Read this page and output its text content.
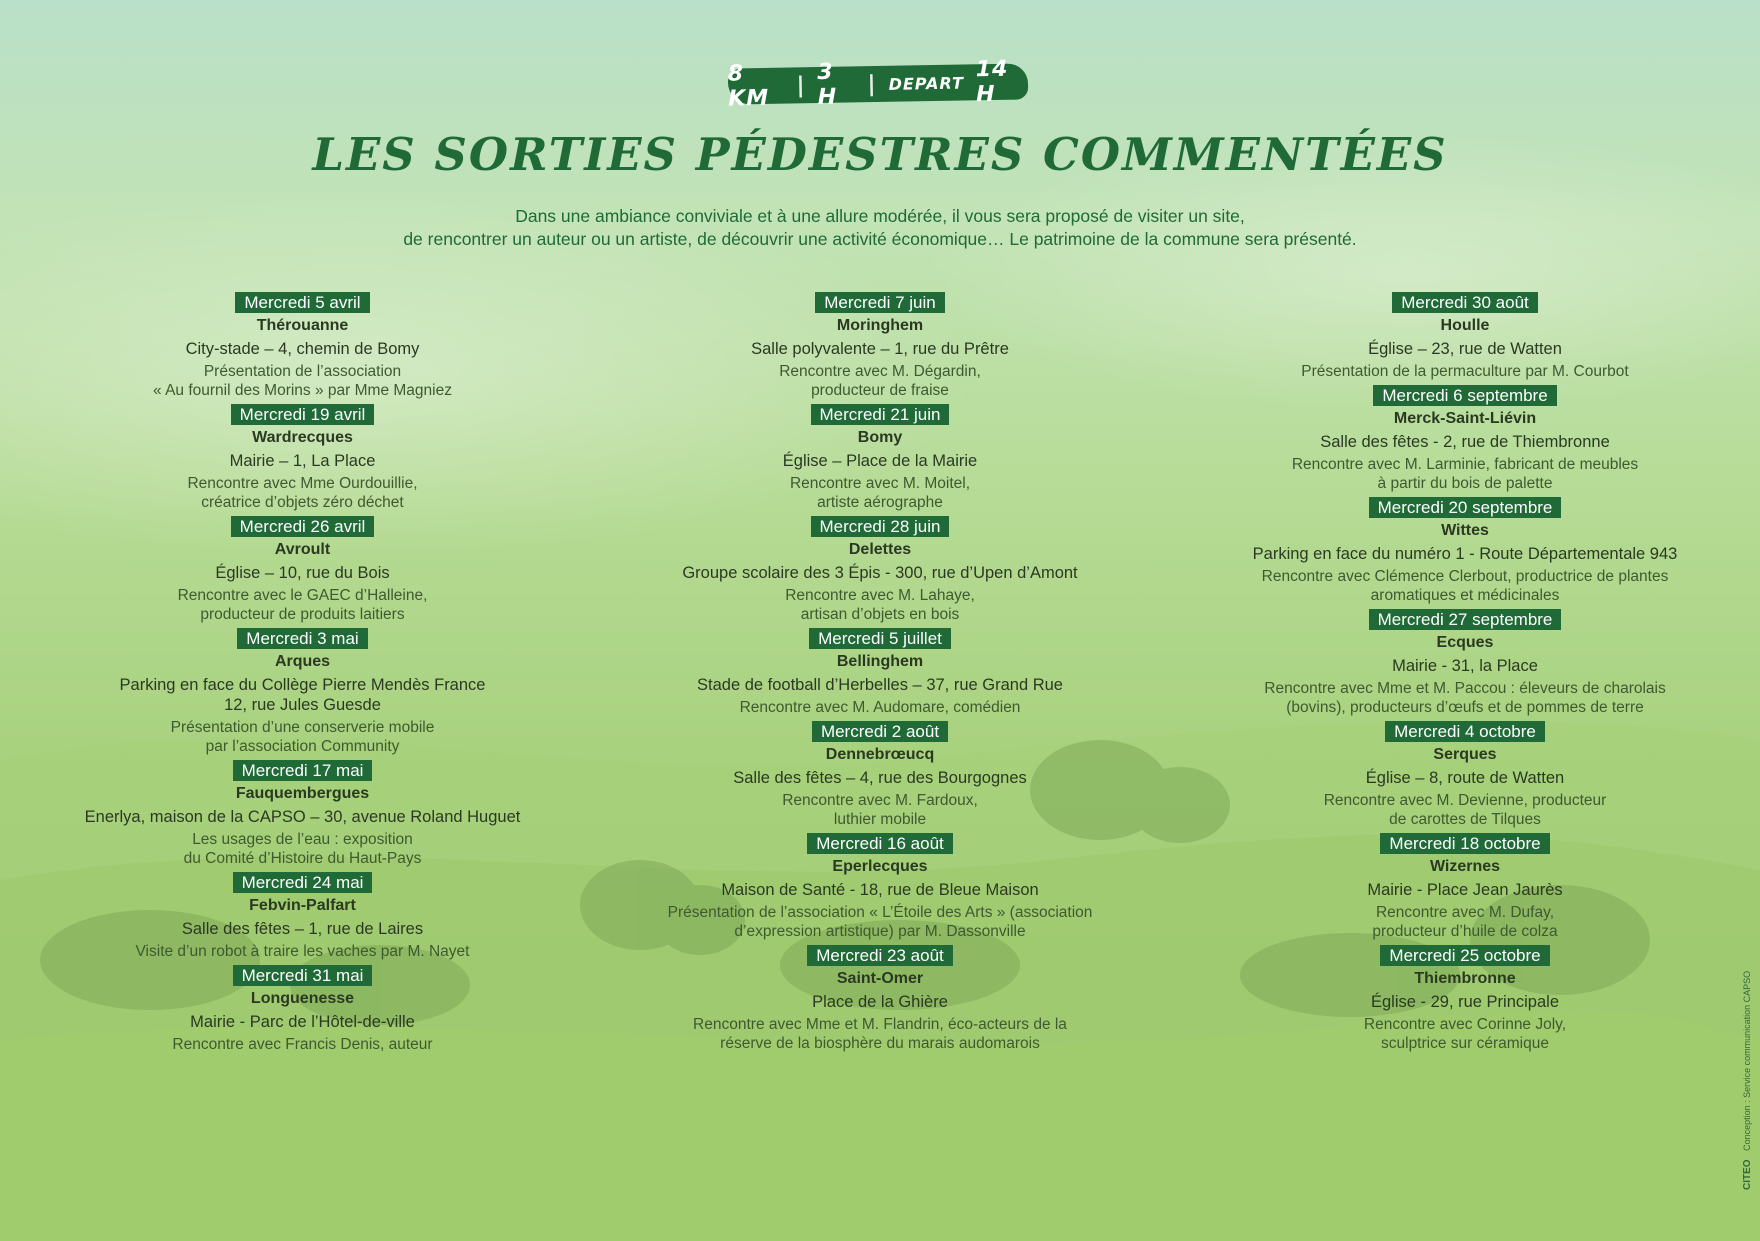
8 KM
|
3 H
| DEPART
14 H
LES SORTIES PÉDESTRES COMMENTÉES
Dans une ambiance conviviale et à une allure modérée, il vous sera proposé de visiter un site,
de rencontrer un auteur ou un artiste, de découvrir une activité économique… Le patrimoine de la commune sera présenté.
Mercredi 5 avril
Thérouanne
City-stade – 4, chemin de Bomy
Présentation de l’association
« Au fournil des Morins » par Mme Magniez
Mercredi 19 avril
Wardrecques
Mairie – 1, La Place
Rencontre avec Mme Ourdouillie,
créatrice d’objets zéro déchet
Mercredi 26 avril
Avroult
Église – 10, rue du Bois
Rencontre avec le GAEC d’Halleine,
producteur de produits laitiers
Mercredi 3 mai
Arques
Parking en face du Collège Pierre Mendès France
12, rue Jules Guesde
Présentation d’une conserverie mobile
par l’association Community
Mercredi 17 mai
Fauquembergues
Enerlya, maison de la CAPSO – 30, avenue Roland Huguet
Les usages de l’eau : exposition
du Comité d’Histoire du Haut-Pays
Mercredi 24 mai
Febvin-Palfart
Salle des fêtes – 1, rue de Laires
Visite d’un robot à traire les vaches par M. Nayet
Mercredi 31 mai
Longuenesse
Mairie - Parc de l’Hôtel-de-ville
Rencontre avec Francis Denis, auteur
Mercredi 7 juin
Moringhem
Salle polyvalente – 1, rue du Prêtre
Rencontre avec M. Dégardin,
producteur de fraise
Mercredi 21 juin
Bomy
Église – Place de la Mairie
Rencontre avec M. Moitel,
artiste aérographe
Mercredi 28 juin
Delettes
Groupe scolaire des 3 Épis - 300, rue d’Upen d’Amont
Rencontre avec M. Lahaye,
artisan d’objets en bois
Mercredi 5 juillet
Bellinghem
Stade de football d’Herbelles – 37, rue Grand Rue
Rencontre avec M. Audomare, comédien
Mercredi 2 août
Dennebrœucq
Salle des fêtes – 4, rue des Bourgognes
Rencontre avec M. Fardoux,
luthier mobile
Mercredi 16 août
Eperlecques
Maison de Santé - 18, rue de Bleue Maison
Présentation de l’association « L’Étoile des Arts » (association
d’expression artistique) par M. Dassonville
Mercredi 23 août
Saint-Omer
Place de la Ghière
Rencontre avec Mme et M. Flandrin, éco-acteurs de la
réserve de la biosphère du marais audomarois
Mercredi 30 août
Houlle
Église – 23, rue de Watten
Présentation de la permaculture par M. Courbot
Mercredi 6 septembre
Merck-Saint-Liévin
Salle des fêtes - 2, rue de Thiembronne
Rencontre avec M. Larminie, fabricant de meubles
à partir du bois de palette
Mercredi 20 septembre
Wittes
Parking en face du numéro 1 - Route Départementale 943
Rencontre avec Clémence Clerbout, productrice de plantes
aromatiques et médicinales
Mercredi 27 septembre
Ecques
Mairie - 31, la Place
Rencontre avec Mme et M. Paccou : éleveurs de charolais
(bovins), producteurs d’œufs et de pommes de terre
Mercredi 4 octobre
Serques
Église – 8, route de Watten
Rencontre avec M. Devienne, producteur
de carottes de Tilques
Mercredi 18 octobre
Wizernes
Mairie - Place Jean Jaurès
Rencontre avec M. Dufay,
producteur d’huile de colza
Mercredi 25 octobre
Thiembronne
Église - 29, rue Principale
Rencontre avec Corinne Joly,
sculptrice sur céramique
CITEO Conception : Service communication CAPSO
